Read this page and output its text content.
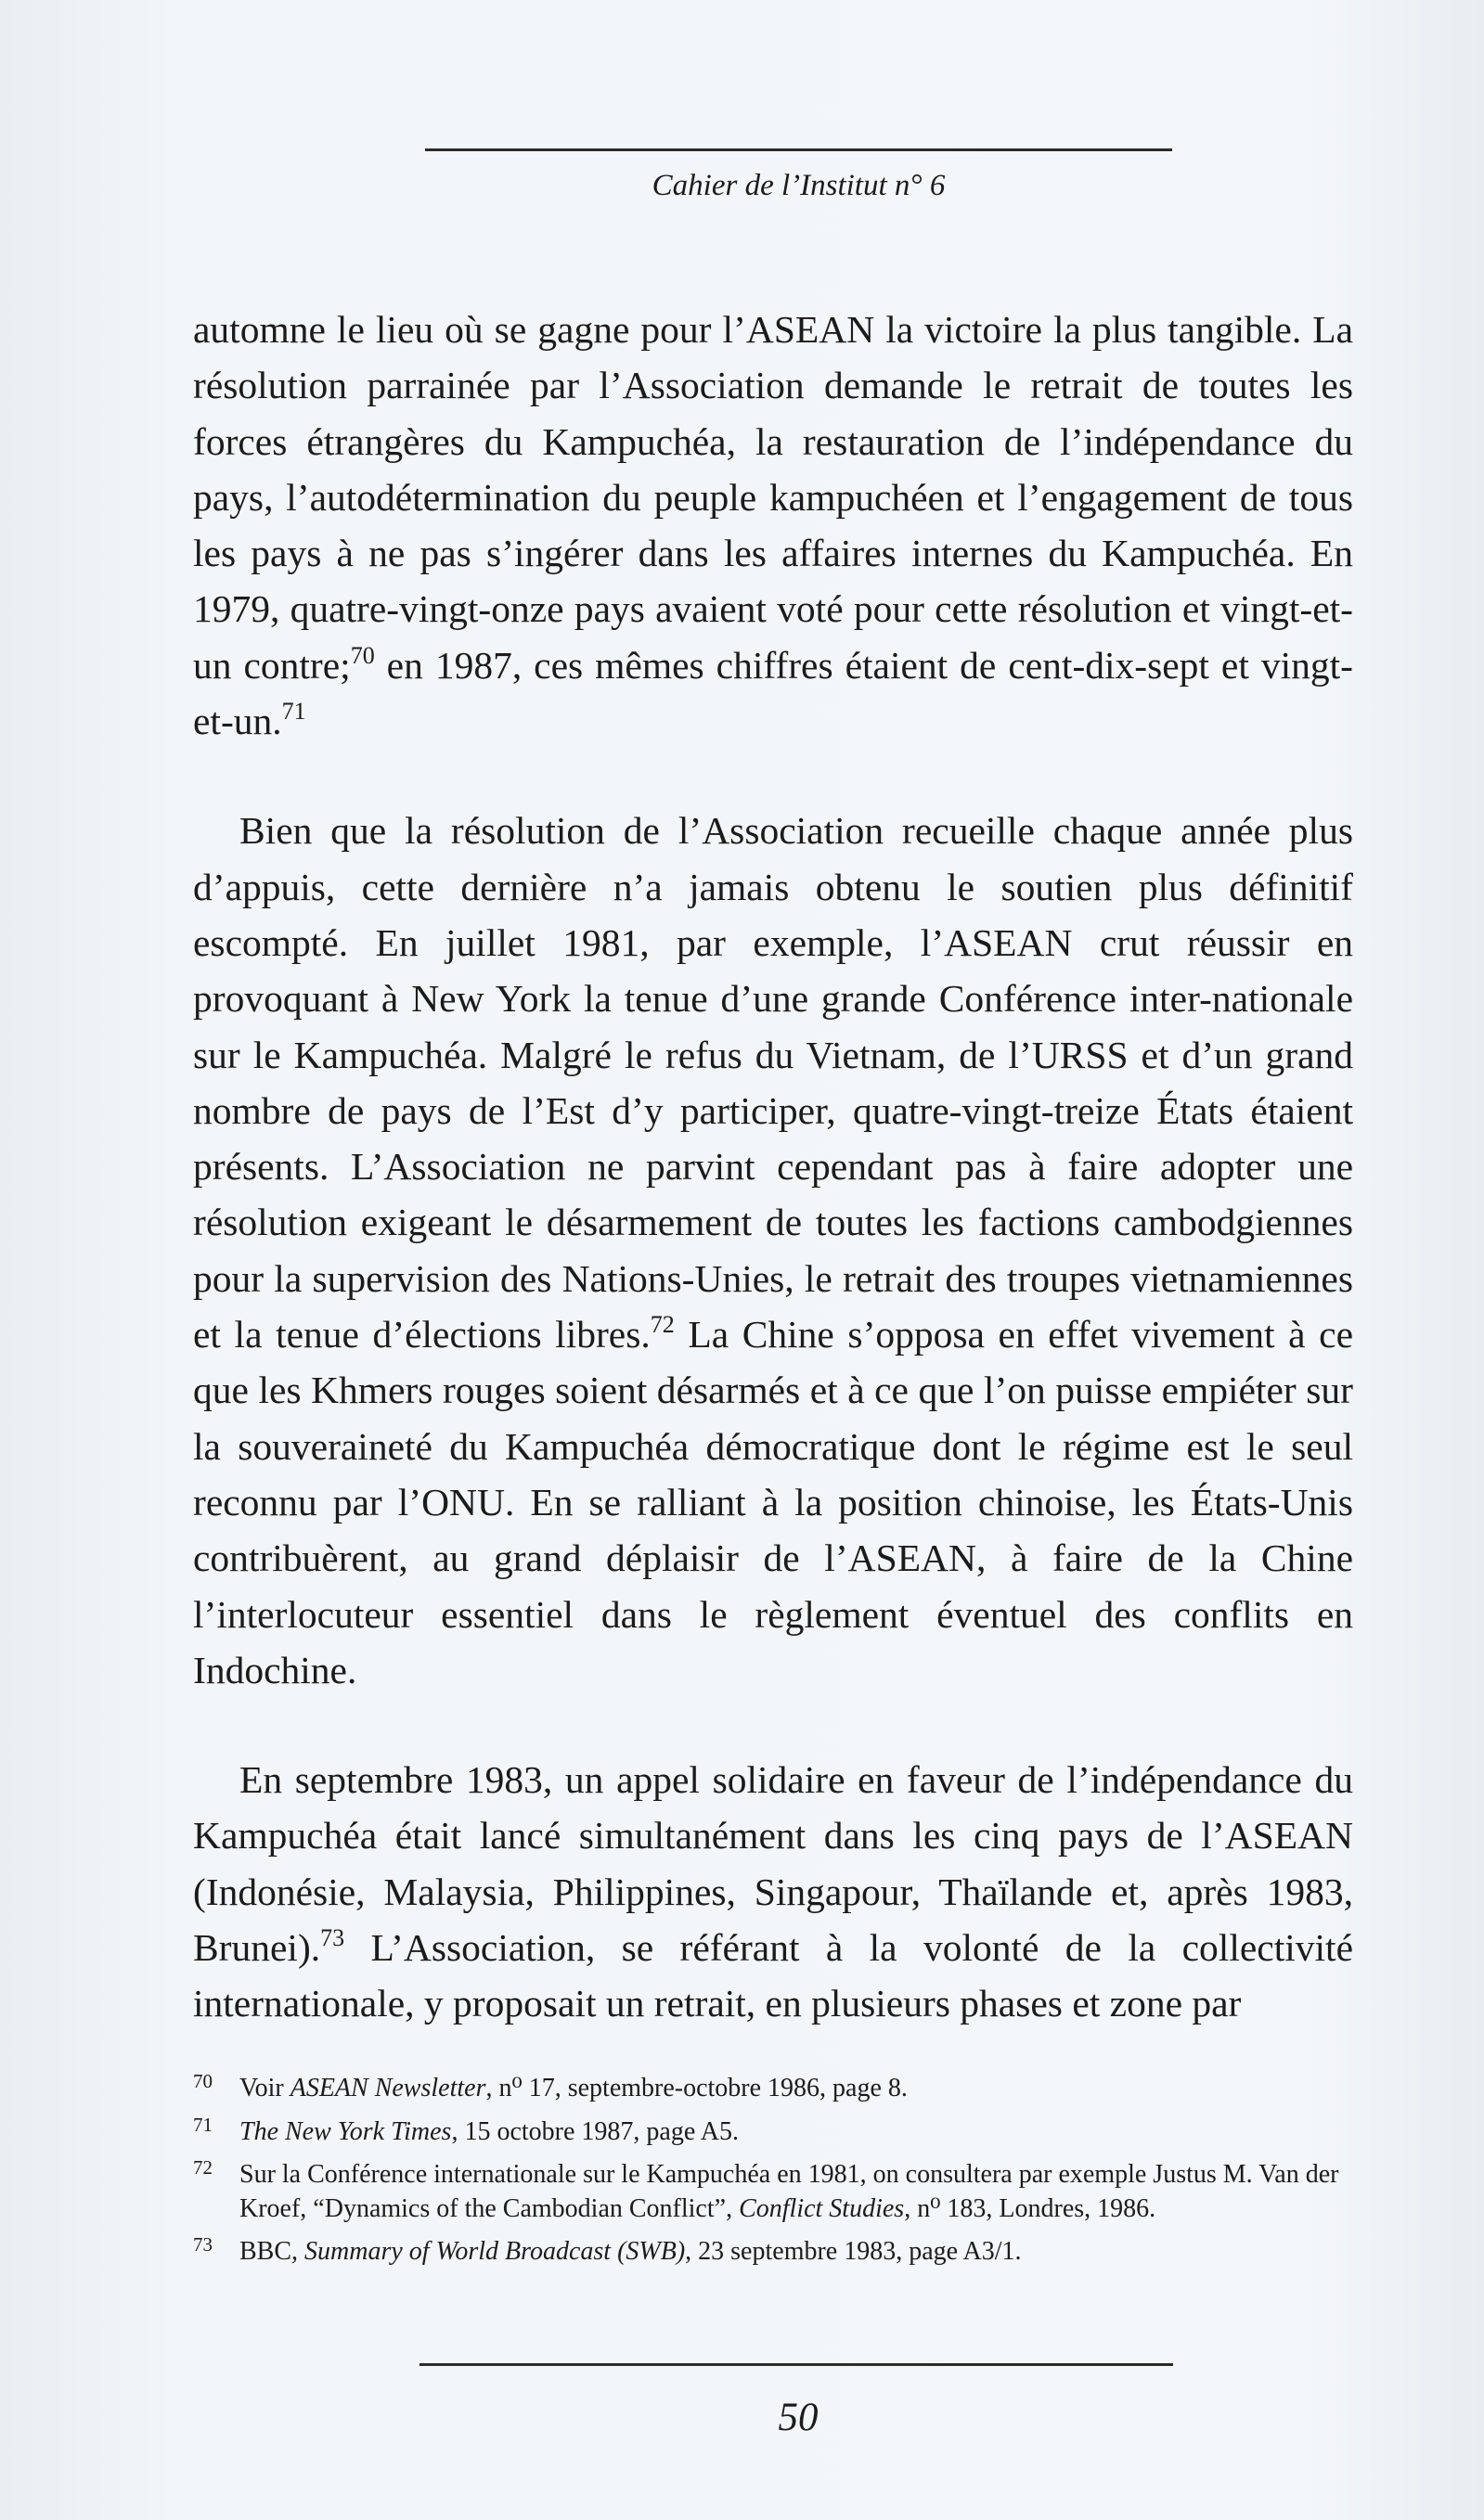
Cahier de l’Institut n° 6

automne le lieu où se gagne pour l’ASEAN la victoire la plus tangible. La résolution parrainée par l’Association demande le retrait de toutes les forces étrangères du Kampuchéa, la restauration de l’indépendance du pays, l’autodétermination du peuple kampuchéen et l’engagement de tous les pays à ne pas s’ingérer dans les affaires internes du Kampuchéa. En 1979, quatre-vingt-onze pays avaient voté pour cette résolution et vingt-et-un contre;$^{70}$ en 1987, ces mêmes chiffres étaient de cent-dix-sept et vingt-et-un.$^{71}$

Bien que la résolution de l’Association recueille chaque année plus d’appuis, cette dernière n’a jamais obtenu le soutien plus définitif escompté. En juillet 1981, par exemple, l’ASEAN crut réussir en provoquant à New York la tenue d’une grande Conférence inter-nationale sur le Kampuchéa. Malgré le refus du Vietnam, de l’URSS et d’un grand nombre de pays de l’Est d’y participer, quatre-vingt-treize États étaient présents. L’Association ne parvint cependant pas à faire adopter une résolution exigeant le désarmement de toutes les factions cambodgiennes pour la supervision des Nations-Unies, le retrait des troupes vietnamiennes et la tenue d’élections libres.$^{72}$ La Chine s’opposa en effet vivement à ce que les Khmers rouges soient désarmés et à ce que l’on puisse empiéter sur la souveraineté du Kampuchéa démocratique dont le régime est le seul reconnu par l’ONU. En se ralliant à la position chinoise, les États-Unis contribuèrent, au grand déplaisir de l’ASEAN, à faire de la Chine l’interlocuteur essentiel dans le règlement éventuel des conflits en Indochine.

En septembre 1983, un appel solidaire en faveur de l’indépendance du Kampuchéa était lancé simultanément dans les cinq pays de l’ASEAN (Indonésie, Malaysia, Philippines, Singapour, Thaïlande et, après 1983, Brunei).$^{73}$ L’Association, se référant à la volonté de la collectivité internationale, y proposait un retrait, en plusieurs phases et zone par

70 Voir ASEAN Newsletter, n⁰ 17, septembre-octobre 1986, page 8.
71 The New York Times, 15 octobre 1987, page A5.
72 Sur la Conférence internationale sur le Kampuchéa en 1981, on consultera par exemple Justus M. Van der Kroef, “Dynamics of the Cambodian Conflict”, Conflict Studies, n⁰ 183, Londres, 1986.
73 BBC, Summary of World Broadcast (SWB), 23 septembre 1983, page A3/1.
50
